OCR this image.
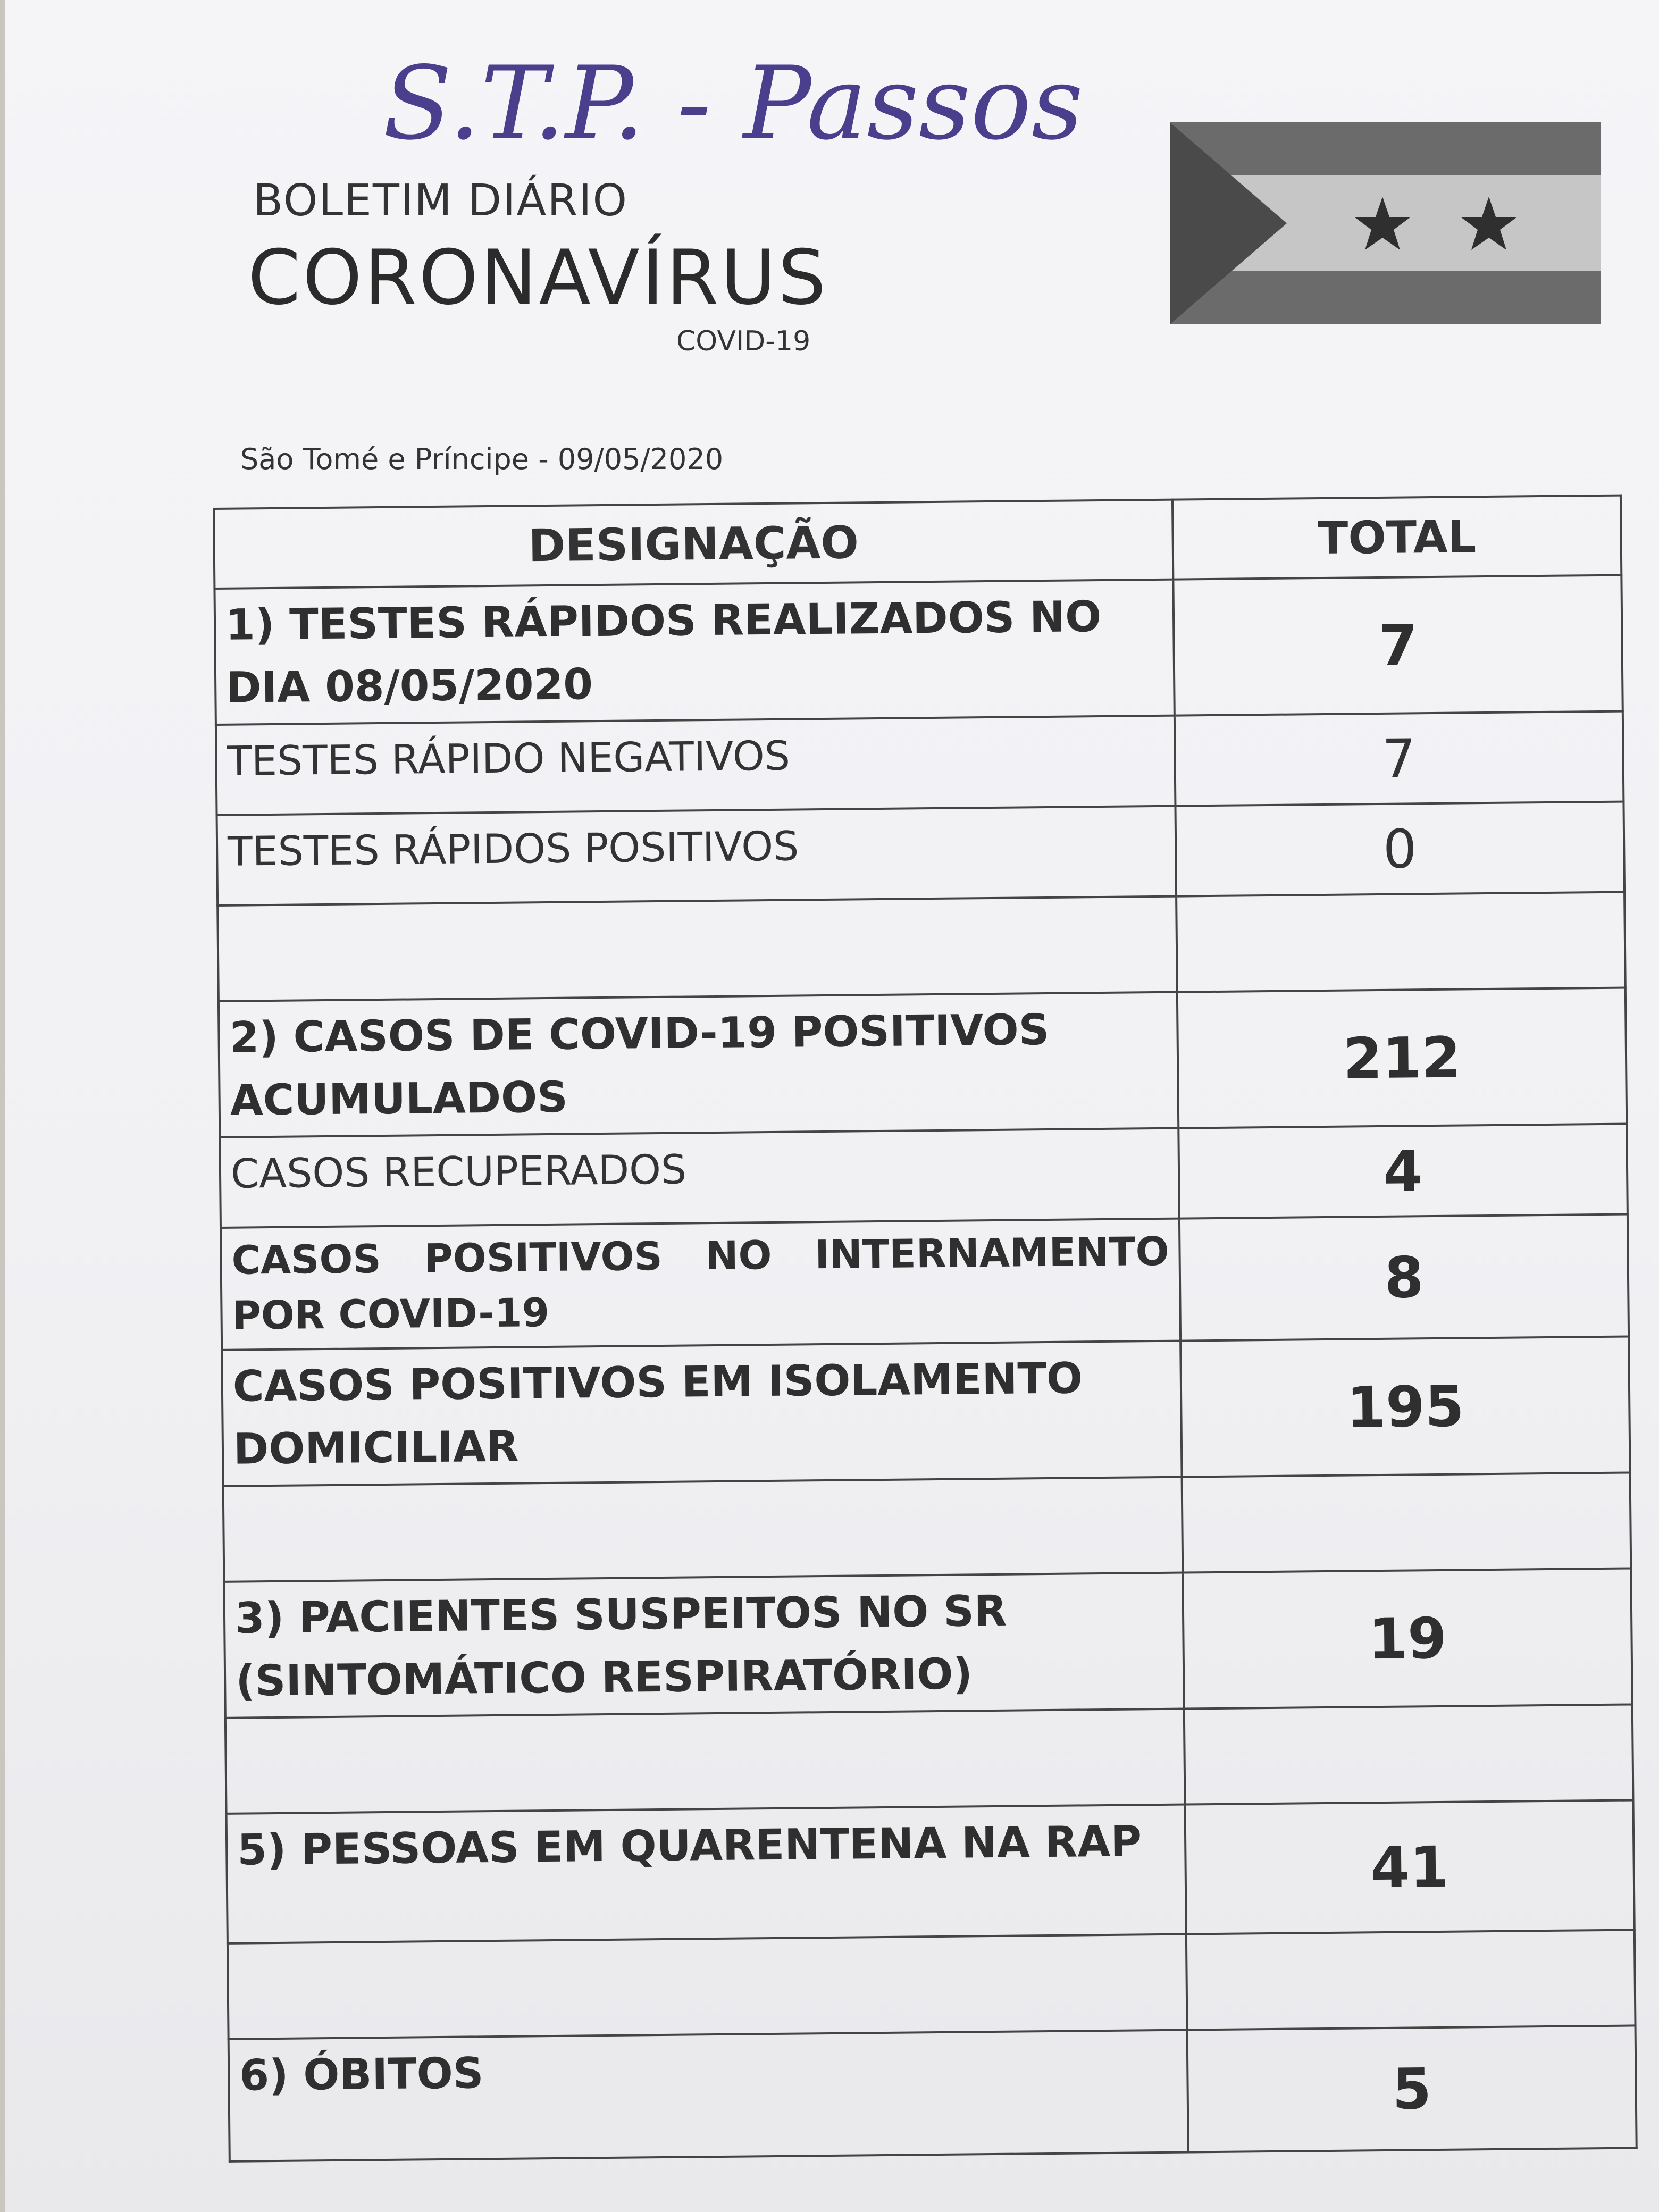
S.T.P. - Passos
BOLETIM DIÁRIO
CORONAVÍRUS
COVID-19
São Tomé e Príncipe - 09/05/2020
DESIGNAÇÃO	TOTAL
1) TESTES RÁPIDOS REALIZADOS NO DIA 08/05/2020	7
TESTES RÁPIDO NEGATIVOS	7
TESTES RÁPIDOS POSITIVOS	0

2) CASOS DE COVID-19 POSITIVOS ACUMULADOS	212
CASOS RECUPERADOS	4
CASOS POSITIVOS NO INTERNAMENTO POR COVID-19	8
CASOS POSITIVOS EM ISOLAMENTO DOMICILIAR	195

3) PACIENTES SUSPEITOS NO SR (SINTOMÁTICO RESPIRATÓRIO)	19

5) PESSOAS EM QUARENTENA NA RAP	41

6) ÓBITOS	5
